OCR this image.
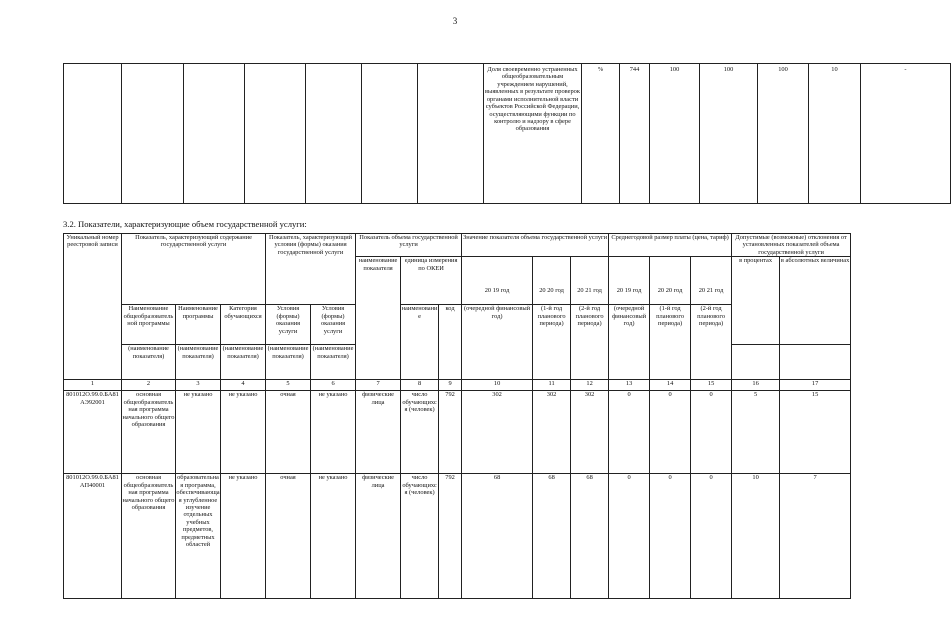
3
							Доля своевременно устраненных общеобразовательным учреждением нарушений, выявленных в результате проверок органами исполнительной власти субъектов Российской Федерации, осуществляющими функции по контролю и надзору в сфере образования	%	744	100	100	100	10	-
3.2. Показатели, характеризующие объем государственной услуги:
Уникальный номер реестровой записи	Показатель, характеризующий содержание государственной услуги			Показатель, характеризующий условия (формы) оказания государственной услуги		Показатель объема государственной услуги			Значение показателя объема государственной услуги			Среднегодовой размер платы (цена, тариф)			Допустимые (возможные) отклонения от установленных показателей объема государственной услуги	
						наименование показателя	единица измерения по ОКЕИ		20 19 год	20 20 год	20 21 год	20 19 год	20 20 год	20 21 год	в процентах	в абсолютных величинах
	Наименование общеобразовательной программы	Наименование программы	Категория обучающихся	Условия (формы) оказания услуги	Условия (формы) оказания услуги		наименование	код	(очередной финансовый год)	(1-й год планового периода)	(2-й год планового периода)	(очередной финансовый год)	(1-й год планового периода)	(2-й год планового периода)		
	(наименование показателя)	(наименование показателя)	(наименование показателя)	(наименование показателя)	(наименование показателя)											
1	2	3	4	5	6	7	8	9	10	11	12	13	14	15	16	17
801012О.99.0.БА81АЭ92001	основная общеобразовательная программа начального общего образования	не указано	не указано	очная	не указано	физические лица	число обучающихся (человек)	792	302	302	302	0	0	0	5	15
801012О.99.0.БА81АП40001	основная общеобразовательная программа начального общего образования	образовательная программа, обеспечивающая углубленное изучение отдельных учебных предметов, предметных областей	не указано	очная	не указано	физические лица	число обучающихся (человек)	792	68	68	68	0	0	0	10	7
